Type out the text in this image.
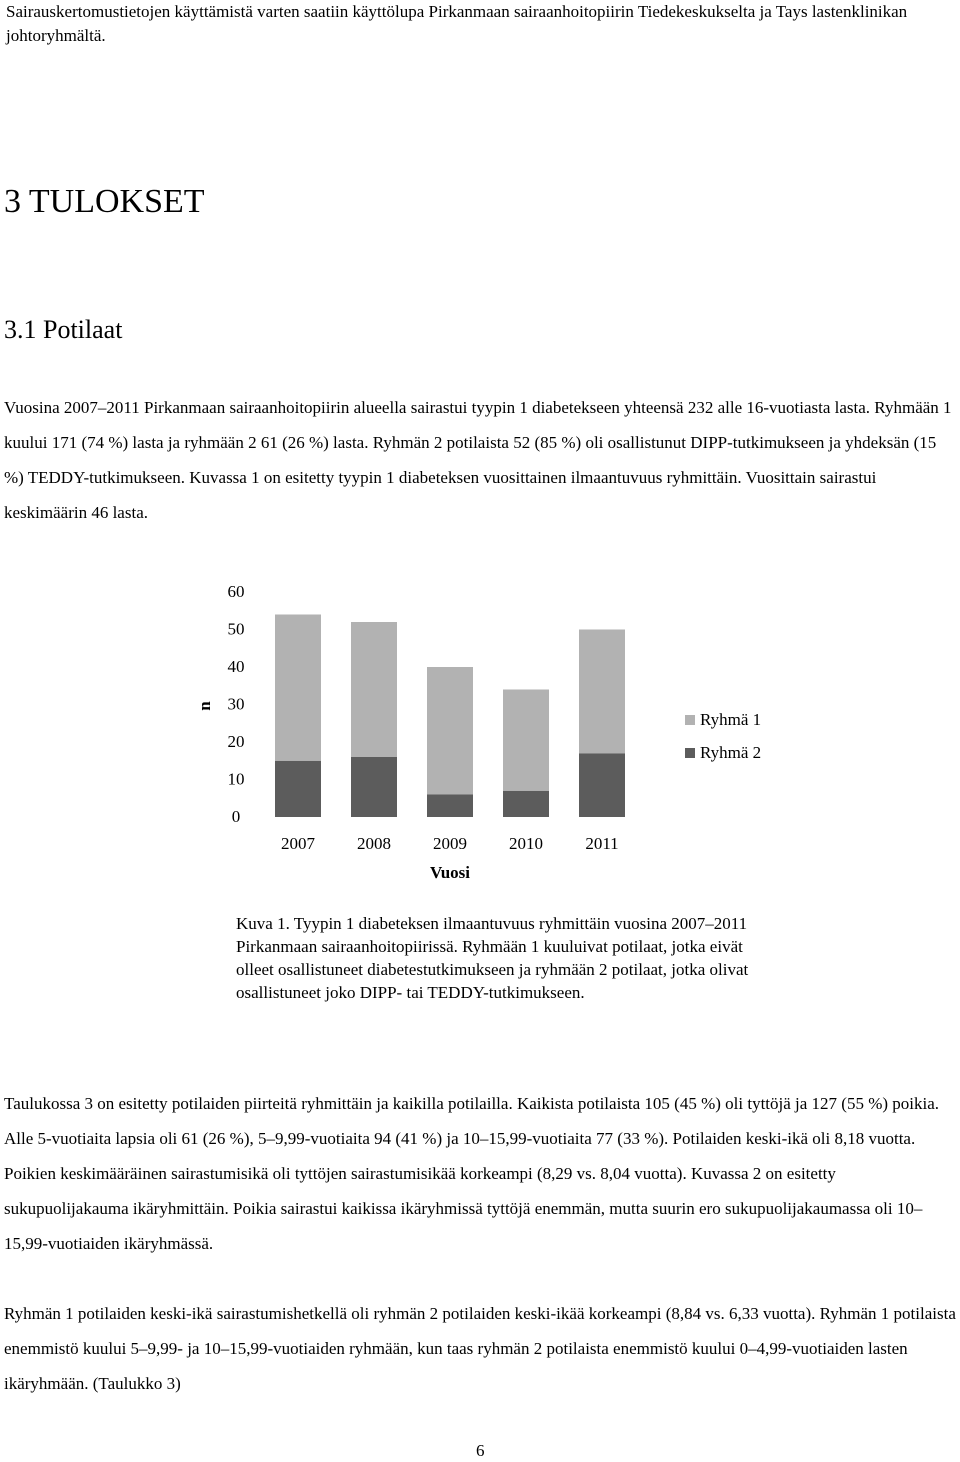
Sairauskertomustietojen käyttämistä varten saatiin käyttölupa Pirkanmaan sairaanhoitopiirin Tiedekeskukselta ja Tays lastenklinikan johtoryhmältä.
3 TULOKSET
3.1 Potilaat
Vuosina 2007–2011 Pirkanmaan sairaanhoitopiirin alueella sairastui tyypin 1 diabetekseen yhteensä 232 alle 16-vuotiasta lasta. Ryhmään 1 kuului 171 (74 %) lasta ja ryhmään 2 61 (26 %) lasta. Ryhmän 2 potilaista 52 (85 %) oli osallistunut DIPP-tutkimukseen ja yhdeksän (15 %) TEDDY-tutkimukseen. Kuvassa 1 on esitetty tyypin 1 diabeteksen vuosittainen ilmaantuvuus ryhmittäin. Vuosittain sairastui keskimäärin 46 lasta.
0
10
20
30
40
50
60
n
2007 2008 2009 2010 2011
Vuosi
Ryhmä 1
Ryhmä 2
Kuva 1. Tyypin 1 diabeteksen ilmaantuvuus ryhmittäin vuosina 2007–2011 Pirkanmaan sairaanhoitopiirissä. Ryhmään 1 kuuluivat potilaat, jotka eivät olleet osallistuneet diabetestutkimukseen ja ryhmään 2 potilaat, jotka olivat osallistuneet joko DIPP- tai TEDDY-tutkimukseen.
Taulukossa 3 on esitetty potilaiden piirteitä ryhmittäin ja kaikilla potilailla. Kaikista potilaista 105 (45 %) oli tyttöjä ja 127 (55 %) poikia. Alle 5-vuotiaita lapsia oli 61 (26 %), 5–9,99-vuotiaita 94 (41 %) ja 10–15,99-vuotiaita 77 (33 %). Potilaiden keski-ikä oli 8,18 vuotta. Poikien keskimääräinen sairastumisikä oli tyttöjen sairastumisikää korkeampi (8,29 vs. 8,04 vuotta). Kuvassa 2 on esitetty sukupuolijakauma ikäryhmittäin. Poikia sairastui kaikissa ikäryhmissä tyttöjä enemmän, mutta suurin ero sukupuolijakaumassa oli 10–15,99-vuotiaiden ikäryhmässä.
Ryhmän 1 potilaiden keski-ikä sairastumishetkellä oli ryhmän 2 potilaiden keski-ikää korkeampi (8,84 vs. 6,33 vuotta). Ryhmän 1 potilaista enemmistö kuului 5–9,99- ja 10–15,99-vuotiaiden ryhmään, kun taas ryhmän 2 potilaista enemmistö kuului 0–4,99-vuotiaiden lasten ikäryhmään. (Taulukko 3)
6
